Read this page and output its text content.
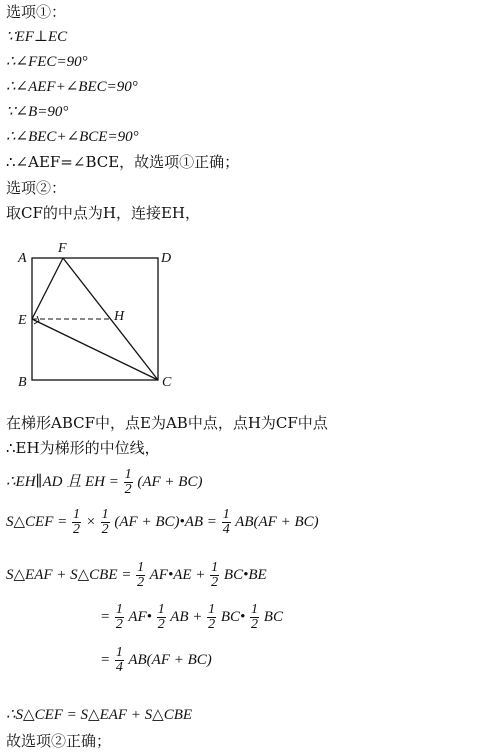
选项①：
∵EF⊥EC
∴∠FEC=90°
∴∠AEF+∠BEC=90°
∵∠B=90°
∴∠BEC+∠BCE=90°
∴∠AEF=∠BCE，故选项①正确；
选项②：
取CF的中点为H，连接EH，
A
F
D
E	H
B	C
在梯形ABCF中，点E为AB中点，点H为CF中点
∴EH为梯形的中位线，
∴EH∥AD 且 EH = $\frac{1}{2} (AF + BC)$
S△CEF = $\frac{1}{2} \times \frac{1}{2} (AF$ + BC)•AB = $\frac{1}{4} AB(AF + BC)$
S△EAF + S△CBE = $\frac{1}{2}$ AF•AE + $\frac{1}{2}$ BC•BE
= $\frac{1}{2}$ AF• $\frac{1}{2}$ AB + $\frac{1}{2}$ BC• $\frac{1}{2}$ BC
= $\frac{1}{4} AB(AF + BC)$
∴S△CEF = S△EAF + S△CBE
故选项②正确；
